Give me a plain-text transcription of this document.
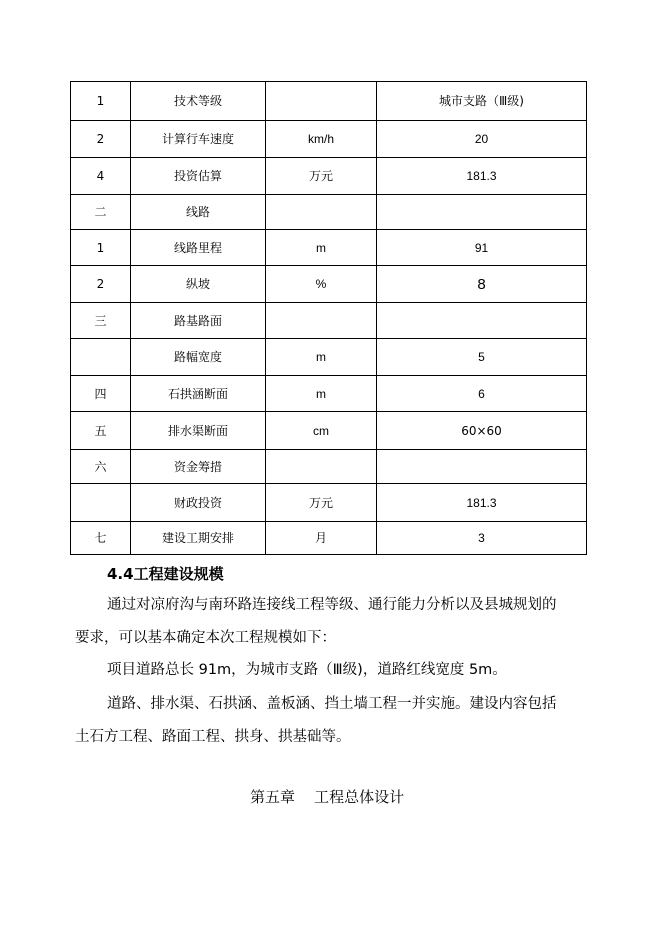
1	技术等级		城市支路（Ⅲ级)
2	计算行车速度	km/h	20
4	投资估算	万元	181.3
二	线路		
1	线路里程	m	91
2	纵坡	%	8
三	路基路面		
	路幅宽度	m	5
四	石拱涵断面	m	6
五	排水渠断面	cm	60×60
六	资金筹措		
	财政投资	万元	181.3
七	建设工期安排	月	3
4.4工程建设规模
通过对凉府沟与南环路连接线工程等级、通行能力分析以及县城规划的
要求，可以基本确定本次工程规模如下：
项目道路总长 91m，为城市支路（Ⅲ级)，道路红线宽度 5m。
道路、排水渠、石拱涵、盖板涵、挡土墙工程一并实施。建设内容包括
土石方工程、路面工程、拱身、拱基础等。
第五章    工程总体设计
